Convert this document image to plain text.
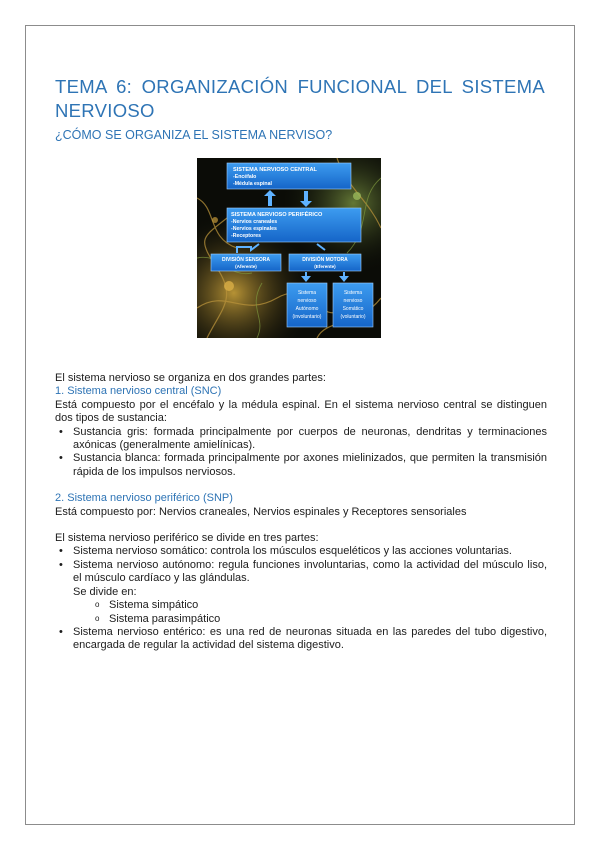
TEMA 6: ORGANIZACIÓN FUNCIONAL DEL SISTEMA NERVIOSO
¿CÓMO SE ORGANIZA EL SISTEMA NERVISO?
SISTEMA NERVIOSO CENTRAL
-Encéfalo
-Médula espinal
SISTEMA NERVIOSO PERIFÉRICO
-Nervios craneales
-Nervios espinales
-Receptores
DIVISIÓN SENSORA
(Aferente)
DIVISIÓN MOTORA
(Eferente)
Sistema
nervioso
Autónomo
(involuntario)
Sistema
nervioso
Somático
(voluntario)

El sistema nervioso se organiza en dos grandes partes:

1. Sistema nervioso central (SNC)

Está compuesto por el encéfalo y la médula espinal. En el sistema nervioso central se distinguen dos tipos de sustancia:

• Sustancia gris: formada principalmente por cuerpos de neuronas, dendritas y terminaciones axónicas (generalmente amielínicas).
• Sustancia blanca: formada principalmente por axones mielinizados, que permiten la transmisión rápida de los impulsos nerviosos.

2. Sistema nervioso periférico (SNP)

Está compuesto por: Nervios craneales, Nervios espinales y Receptores sensoriales

El sistema nervioso periférico se divide en tres partes:

• Sistema nervioso somático: controla los músculos esqueléticos y las acciones voluntarias.
• Sistema nervioso autónomo: regula funciones involuntarias, como la actividad del músculo liso, el músculo cardíaco y las glándulas.
Se divide en:
o Sistema simpático
o Sistema parasimpático
• Sistema nervioso entérico: es una red de neuronas situada en las paredes del tubo digestivo, encargada de regular la actividad del sistema digestivo.
